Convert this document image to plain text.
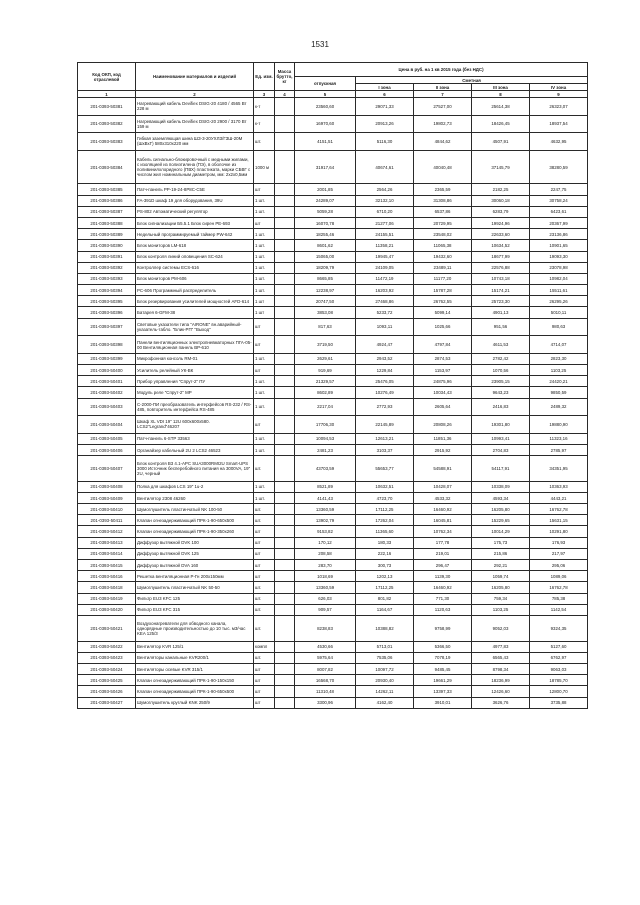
1531
Код ОКП, код отраслевой	Наименование материалов и изделий	Ед. изм.	Масса брутто, кг	Цена в руб. на 1 кв 2015 года (без НДС)				
				отпускная	Сметная			
					I зона	II зона	III зона	IV зона
1	2	3	4	5	6	7	8	9
201-0393-50381	Нагревающий кабель Devifiex DSIG-20 4180 / 4565 Вт 228 м	к-т		23560,60	29071,33	27527,00	25614,38	26323,07
201-0393-50382	Нагревающий кабель Devifiex DSIG-20 2900 / 3170 Вт 159 м	к-т		16970,60	20913,26	19802,73	18426,45	18937,54
201-0393-50383	Гибкая заземляющая шина ШЗ-3-20УХЛЗ/ГЗШ-20М (ШхВхГ) 580х310х220 мм	шт.		4151,51	5116,30	4844,62	4507,91	4632,95
201-0393-50384	Кабель сигнально-блокировочный с медными жилами, с изоляцией из полиэтилена (ПЭ), в оболочке из поливинилхлоридного (ПВХ) пластиката, марки СБВГ с числом жил номинальным диаметром, мм: 2х2х0,5мм	1000 м		31917,64	40674,61	40040,48	37145,79	38280,59
201-0393-50385	Патч-панель PP-19-24-8P8C-C5E	шт		2001,85	2564,26	2365,59	2182,25	2247,75
201-0393-50386	FA-391D шкаф 19 для оборудования, 39U	1 шт.		24289,07	32132,10	31308,86	30060,18	30758,24
201-0393-50387	PS-802 Автоматический регулятор	1 шт.		5059,28	6710,20	6537,86	6283,79	6423,61
201-0393-50388	Блок сигнализации Б5.5.1 Блок сирен PE-693	шт		16070,78	21277,06	20729,95	19924,96	20367,99
201-0393-50389	Недельный программируемый таймер PW-642	1 шт.		18255,46	24155,51	23548,02	22633,60	23136,86
201-0393-50390	Блок мониторов LM-618	1 шт.		8601,62	11358,21	11065,38	10634,52	10901,65
201-0393-50391	Блок контроля линий оповещения SC-624	1 шт.		15065,00	19945,47	19432,60	18677,99	19093,30
201-0393-50392	Контроллер системы ECS-616	1 шт.		18209,79	24109,05	23489,11	22576,88	23078,98
201-0393-50393	Блок мониторов PM-606	1 шт.		8665,85	11472,19	11177,20	10743,18	10982,04
201-0393-50394	PC-606 Программный распределитель	1 шт.		12238,97	16203,92	15787,28	15174,21	15511,61
201-0393-50395	Блок резервирования усилителей мощностей AFD-614	1 шт		20747,50	27468,86	26762,55	25723,30	26295,26
201-0393-50396	Батарея 6-GFM-38	1 шт		3853,08	5233,72	5099,14	4901,13	5010,11
201-0393-50397	Световые указатели типа "AIRONE" вн.аварийный-указатель-табло. "Блик-РП" "Выход"	шт		817,63	1093,11	1025,66	951,56	980,63
201-0393-50398	Панели вентиляционных электропневматорных ПГА-05-00 Вентиляционная панель ВР-610	шт		3719,50	4924,47	4797,84	4611,53	4714,07
201-0393-50399	Микрофонная консоль RM-01	1 шт.		2629,61	2943,52	2874,53	2782,42	2823,30
201-0393-50400	Усилитель релейный УК-ВК	шт		919,69	1229,84	1153,97	1070,56	1103,25
201-0393-50401	Прибор управления "Спрут-2" ПУ	1 шт.		21329,57	25476,05	24875,96	23905,15	24420,21
201-0393-50402	Модуль реле "Спрут-2" МР	1 шт.		8602,89	10276,49	10034,43	9643,23	9850,59
201-0393-50403	С-2000-ПИ преобразователь интерфейсов RS-232 / RS-485, повторитель интерфейса RS-485	1 шт.		2217,04	2772,93	2605,64	2416,83	2489,32
201-0393-50404	Шкаф XL VDI 19" 12U 600х600х580. LCS2"Legrand"46207	шт		17706,30	22145,89	20808,26	19301,80	19880,90
201-0393-50405	Патч-панель 6-STP 33563	1 шт.		10094,53	12613,21	11851,36	10993,41	11323,16
201-0393-50406	Органайзер кабельный 2U 2 LCS2 46523	1 шт.		2481,23	3103,37	2915,92	2704,83	2785,97
201-0393-50407	Блок контроля B3 4.1-APC SUA3000RMI2U Smart-UPS 3000 Источник бесперебойного питания на 3000VA, 19" 2U, черный	шт.		43703,59	55653,77	54588,91	54117,91	34351,95
201-0393-50408	Полка для шкафов LCS 19" 1u-2	1 шт.		8521,89	10632,51	10428,07	10338,09	10363,93
201-0393-50409	Вентилятор 2308 46260	1 шт.		4141,43	4723,70	4533,32	4593,34	4443,21
201-0393-50410	Шумоглушитель пластинчатый NK 100-50	шт.		13360,59	17112,25	16460,92	16205,80	16762,78
201-0393-50411	Клапан огнезадерживающий ПРК-1-90-650х500	шт.		13902,79	17262,04	16045,81	15229,65	15631,15
201-0393-50412	Клапан огнезадерживающий ПРК-1-90-350х260	шт		9153,82	11365,60	10762,34	10014,29	10291,80
201-0393-50413	Диффузор вытяжной DVK 100	шт		170,12	180,33	177,78	175,73	176,93
201-0393-50414	Диффузор вытяжной DVK 125	шт		208,58	222,16	219,01	215,86	217,97
201-0393-50415	Диффузор вытяжной DVA 160	шт		283,70	300,73	296,47	292,21	295,06
201-0393-50416	Решетка вентиляционная Р-Гн 200х150мм	шт		1018,69	1202,13	1139,30	1059,74	1089,06
201-0393-50418	Шумоглушитель пластинчатый NK 50-50	шт.		13360,59	17112,25	16460,92	16205,80	16762,78
201-0393-50419	Фильтр EU3 KFC 125	шт.		626,03	801,82	771,30	759,34	785,38
201-0393-50420	Фильтр EU3 KFC 315	шт.		909,57	1164,67	1120,63	1103,25	1142,54
201-0393-50421	Воздухонагреватели для обводного канала, однорядные производительностью до 10 тыс. м3/час KEA 125/3	шт.		8238,83	10388,82	9758,99	9052,03	9324,35
201-0393-50422	Вентилятор KVR 125/1	компл		4530,66	5713,01	5366,50	4977,83	5127,60
201-0393-50423	Вентиляторы канальные KVR200/1	шт.		5975,64	7535,06	7078,19	6565,43	6762,97
201-0393-50424	Вентиляторы осевые KVR 315/1	шт		8007,82	10097,72	9485,45	8798,34	9063,03
201-0393-50425	Клапан огнезадерживающий ПРК-1-90-150х150	шт		16568,70	20930,40	19661,29	18236,99	18785,70
201-0393-50426	Клапан огнезадерживающий ПРК-1-90-650х500	шт		11310,48	14262,11	13397,33	12426,60	12800,70
201-0393-50427	Шумоглушитель круглый KNK 250/9	шт		3300,96	4162,40	3910,01	3626,76	3735,88
